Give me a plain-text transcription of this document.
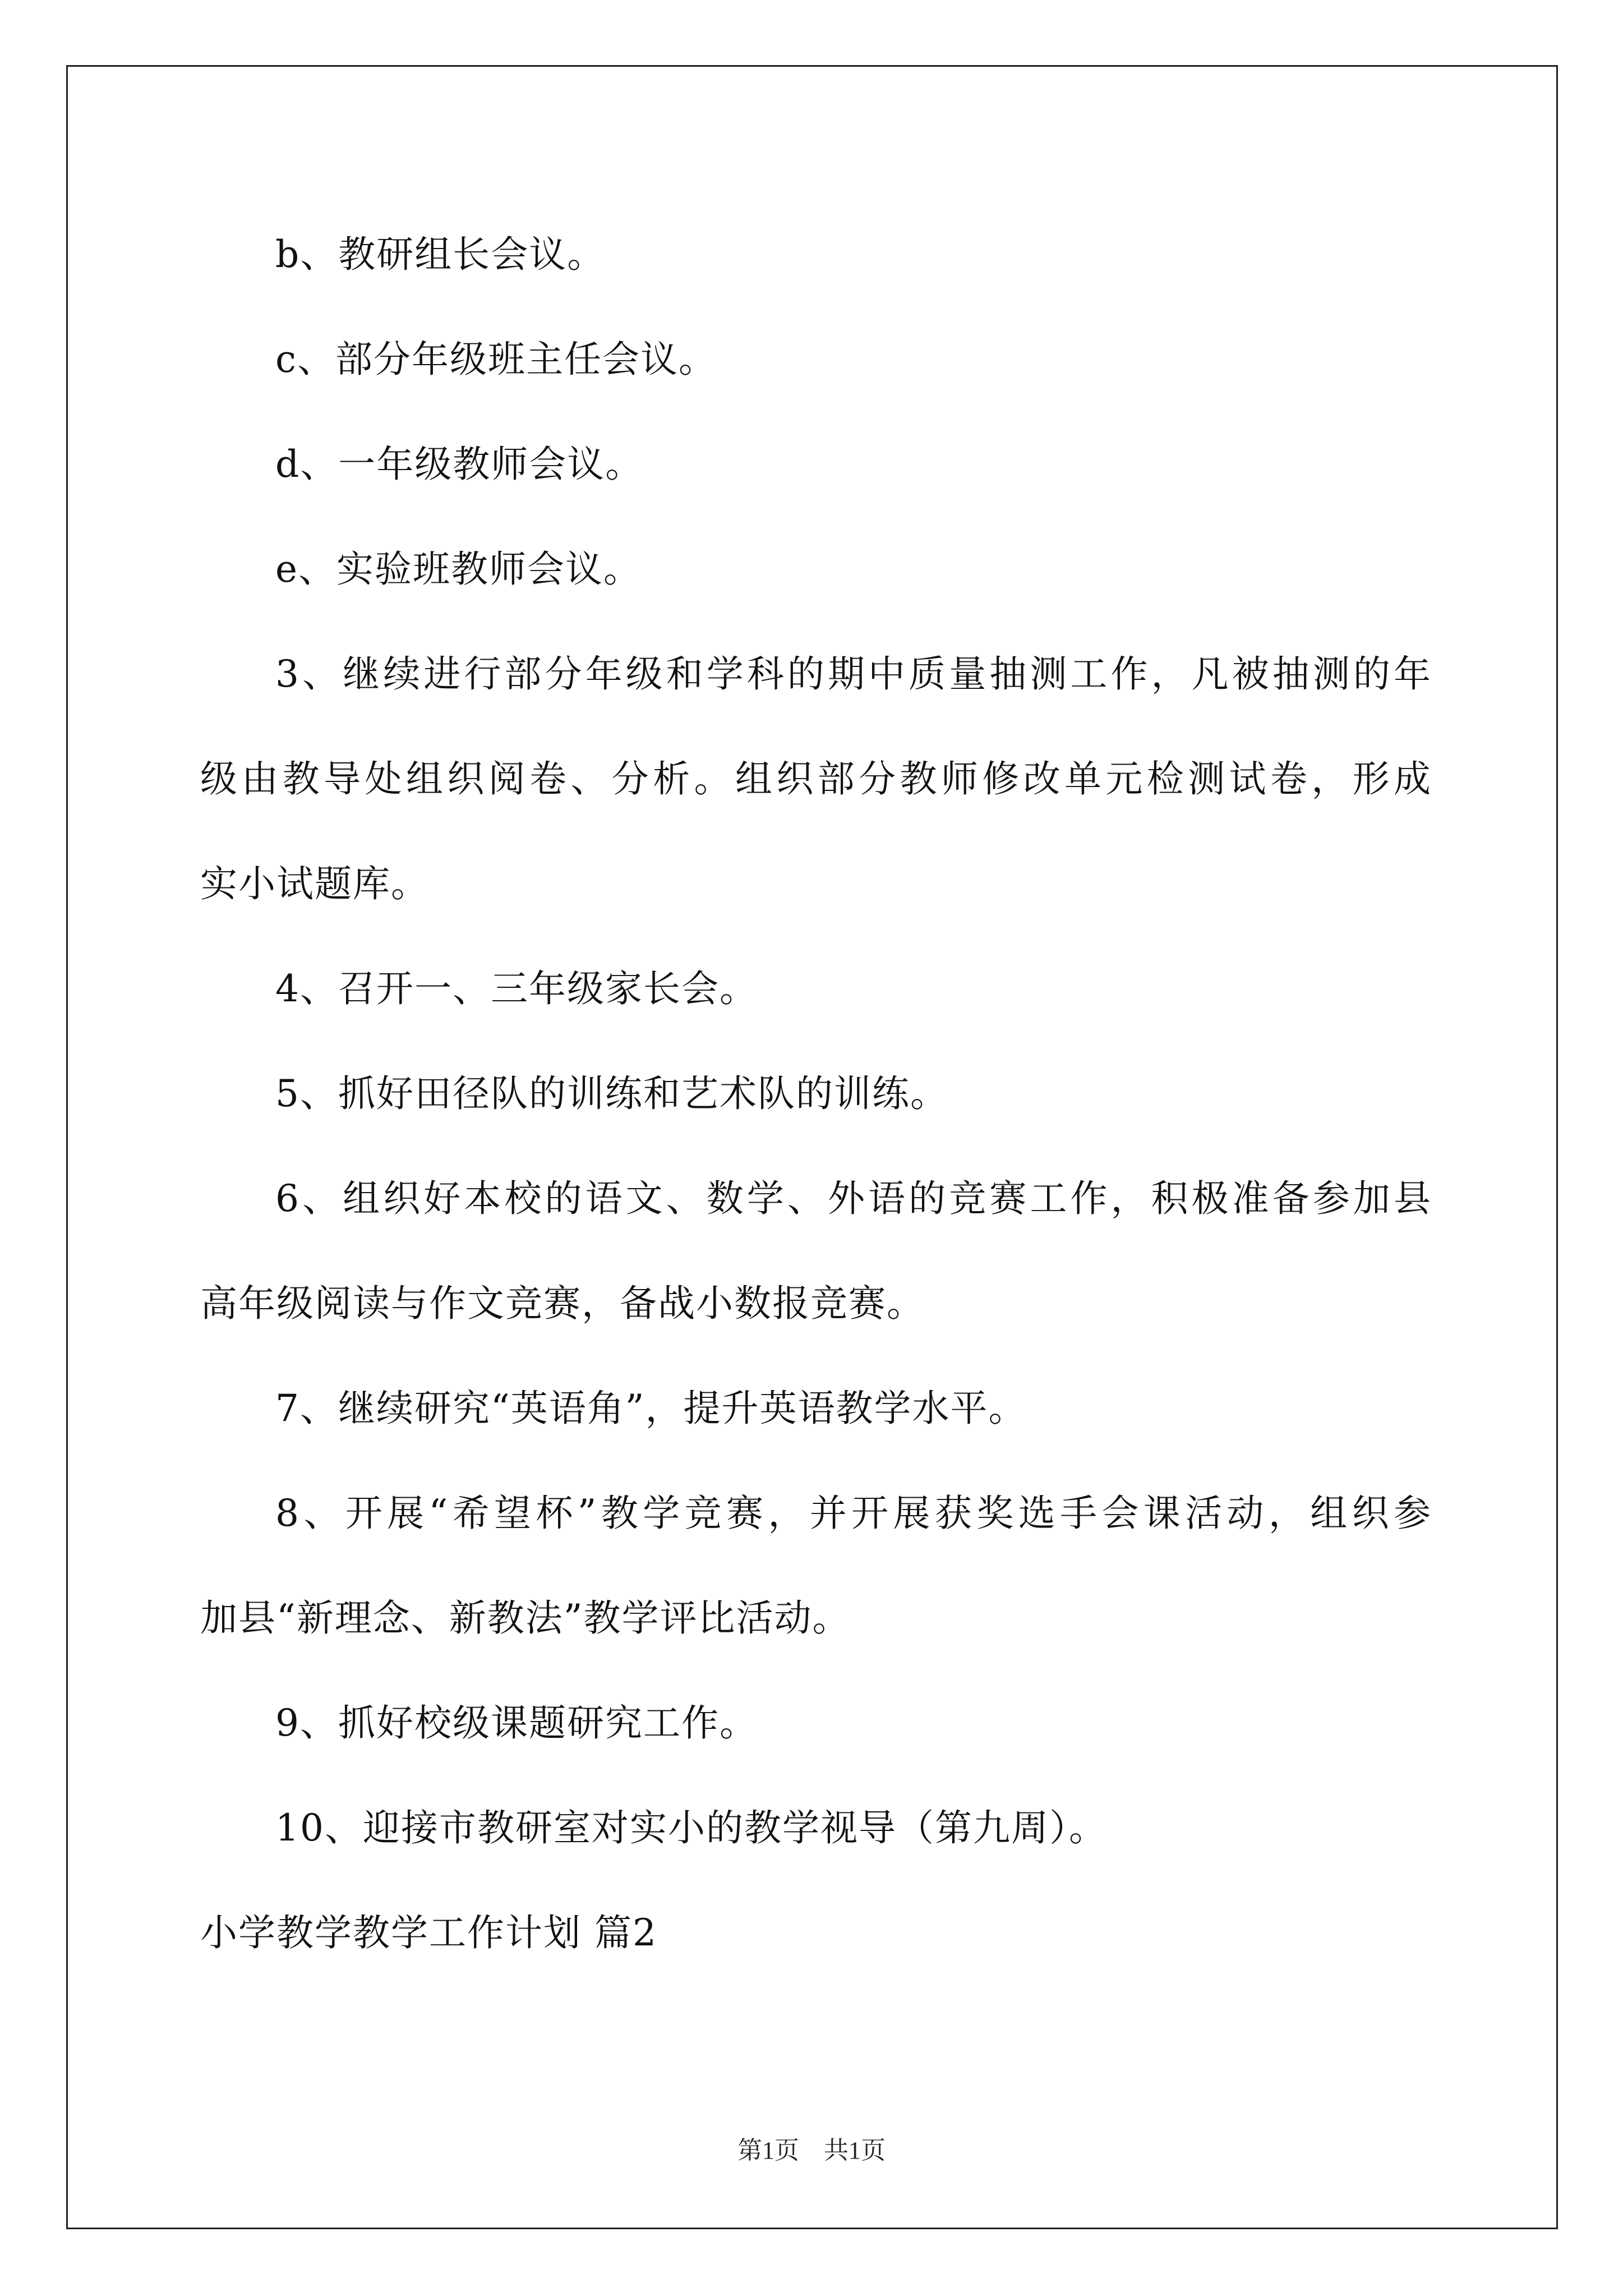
b、教研组长会议。
c、部分年级班主任会议。
d、一年级教师会议。
e、实验班教师会议。
3、继续进行部分年级和学科的期中质量抽测工作，凡被抽测的年
级由教导处组织阅卷、分析。组织部分教师修改单元检测试卷，形成
实小试题库。
4、召开一、三年级家长会。
5、抓好田径队的训练和艺术队的训练。
6、组织好本校的语文、数学、外语的竞赛工作，积极准备参加县
高年级阅读与作文竞赛，备战小数报竞赛。
7、继续研究“英语角”，提升英语教学水平。
8、开展“希望杯”教学竞赛，并开展获奖选手会课活动，组织参
加县“新理念、新教法”教学评比活动。
9、抓好校级课题研究工作。
10、迎接市教研室对实小的教学视导（第九周）。
小学教学教学工作计划 篇2
第1页　共1页
